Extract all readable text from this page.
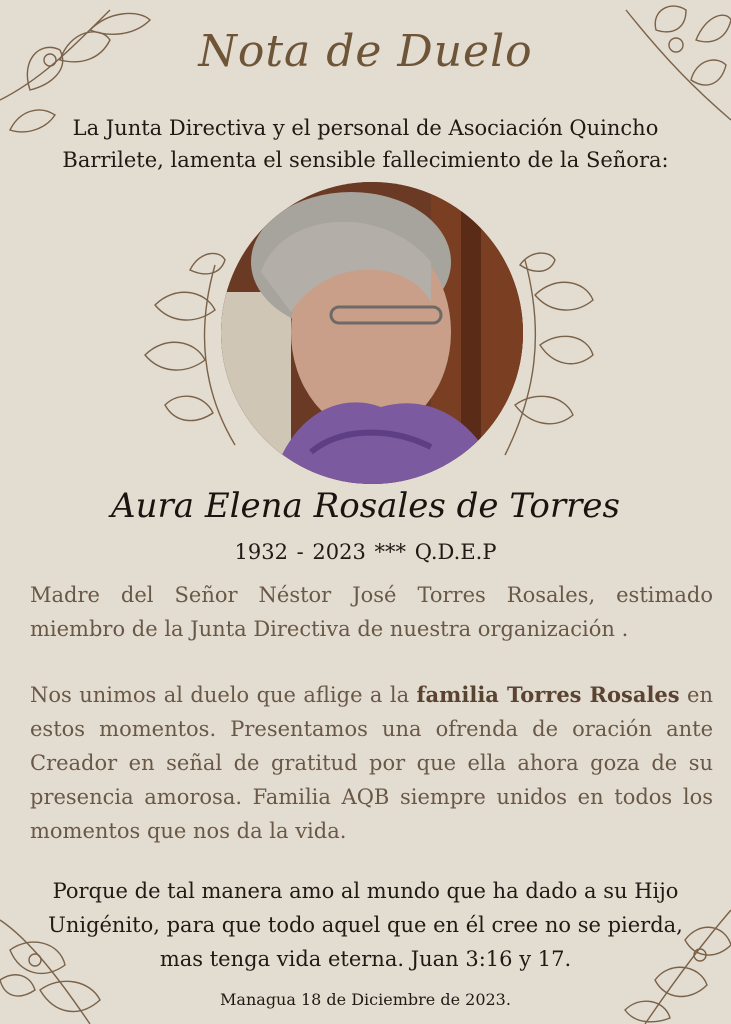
Nota de Duelo
La Junta Directiva y el personal de Asociación Quincho Barrilete, lamenta el sensible fallecimiento de la Señora:
Aura Elena Rosales de Torres
1932 - 2023 *** Q.D.E.P
Madre del Señor Néstor José Torres Rosales, estimado miembro de la Junta Directiva de nuestra organización .
Nos unimos al duelo que aflige a la familia Torres Rosales en estos momentos. Presentamos una ofrenda de oración ante Creador en señal de gratitud por que ella ahora goza de su presencia amorosa. Familia AQB siempre unidos en todos los momentos que nos da la vida.
Porque de tal manera amo al mundo que ha dado a su Hijo Unigénito, para que todo aquel que en él cree no se pierda, mas tenga vida eterna. Juan 3:16 y 17.
Managua 18 de Diciembre de 2023.
